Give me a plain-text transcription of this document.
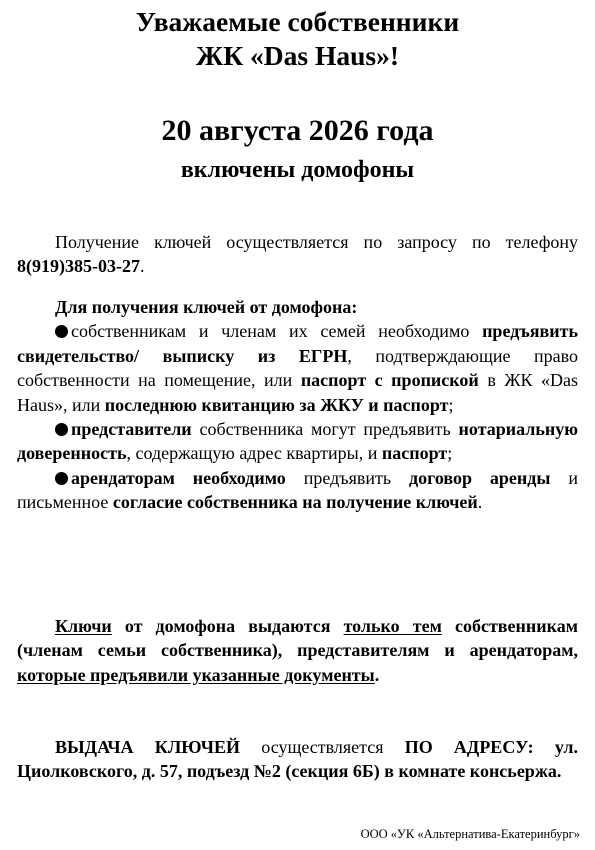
Уважаемые собственники

ЖК «Das Haus»!

20 августа 2026 года
включены домофоны
Получение ключей осуществляется по запросу по телефону 8(919)385-03-27.
Для получения ключей от домофона:
собственникам и членам их семей необходимо предъявить свидетельство/ выписку из ЕГРН, подтверждающие право собственности на помещение, или паспорт с пропиской в ЖК «Das Haus», или последнюю квитанцию за ЖКУ и паспорт;
представители собственника могут предъявить нотариальную доверенность, содержащую адрес квартиры, и паспорт;
арендаторам необходимо предъявить договор аренды и письменное согласие собственника на получение ключей.
Ключи от домофона выдаются только тем собственникам (членам семьи собственника), представителям и арендаторам, которые предъявили указанные документы.
ВЫДАЧА КЛЮЧЕЙ осуществляется ПО АДРЕСУ: ул. Циолковского, д. 57, подъезд №2 (секция 6Б) в комнате консьержа.
ООО «УК «Альтернатива-Екатеринбург»
